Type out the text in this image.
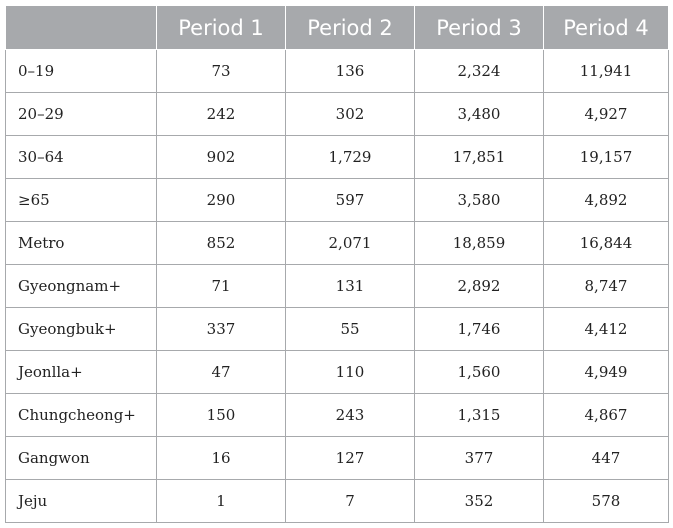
	Period 1	Period 2	Period 3	Period 4
0–19	73	136	2,324	11,941
20–29	242	302	3,480	4,927
30–64	902	1,729	17,851	19,157
≥65	290	597	3,580	4,892
Metro	852	2,071	18,859	16,844
Gyeongnam+	71	131	2,892	8,747
Gyeongbuk+	337	55	1,746	4,412
Jeonlla+	47	110	1,560	4,949
Chungcheong+	150	243	1,315	4,867
Gangwon	16	127	377	447
Jeju	1	7	352	578
